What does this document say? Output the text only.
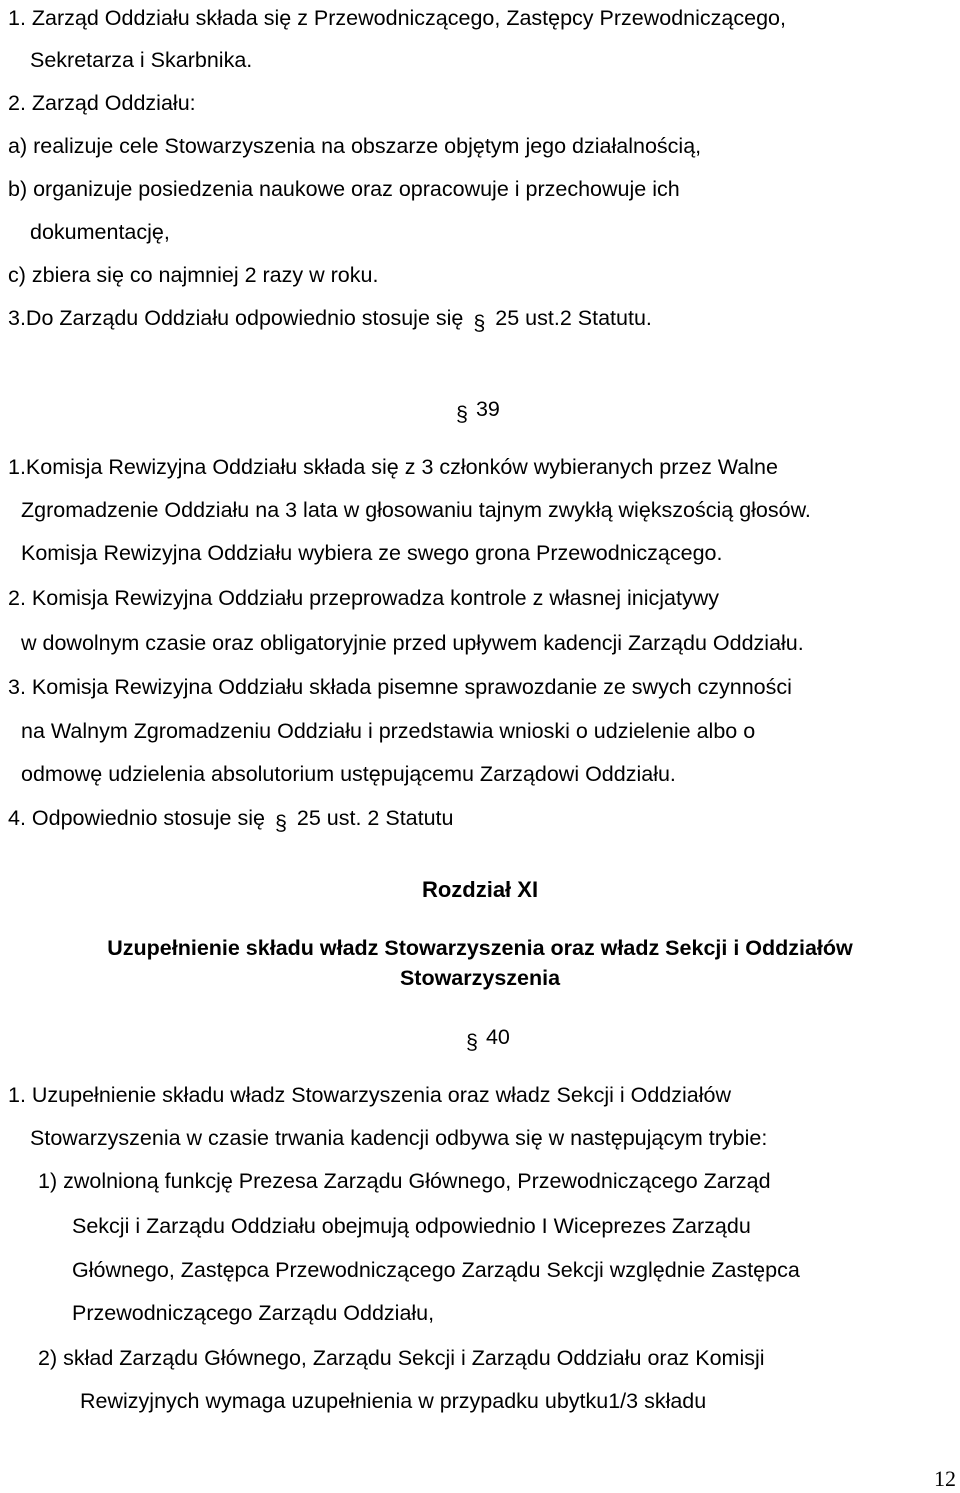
1. Zarząd Oddziału składa się z Przewodniczącego, Zastępcy Przewodniczącego,
Sekretarza i Skarbnika.
2. Zarząd Oddziału:
a) realizuje cele Stowarzyszenia na obszarze objętym jego działalnością,
b) organizuje posiedzenia naukowe oraz opracowuje i przechowuje ich
dokumentację,
c) zbiera się co najmniej 2 razy w roku.
3.Do Zarządu Oddziału odpowiednio stosuje się § 25 ust.2 Statutu.
§ 39
1.Komisja Rewizyjna Oddziału składa się z 3 członków wybieranych przez Walne
Zgromadzenie Oddziału na 3 lata w głosowaniu tajnym zwykłą większością głosów.
Komisja Rewizyjna Oddziału wybiera ze swego grona Przewodniczącego.
2. Komisja Rewizyjna Oddziału przeprowadza kontrole z własnej inicjatywy
w dowolnym czasie oraz obligatoryjnie przed upływem kadencji Zarządu Oddziału.
3. Komisja Rewizyjna Oddziału składa pisemne sprawozdanie ze swych czynności
na Walnym Zgromadzeniu Oddziału i przedstawia wnioski o udzielenie albo o
odmowę udzielenia absolutorium ustępującemu Zarządowi Oddziału.
4. Odpowiednio stosuje się § 25 ust. 2 Statutu
Rozdział XI
Uzupełnienie składu władz Stowarzyszenia oraz władz Sekcji i Oddziałów
Stowarzyszenia
§ 40
1. Uzupełnienie składu władz Stowarzyszenia oraz władz Sekcji i Oddziałów
Stowarzyszenia w czasie trwania kadencji odbywa się w następującym trybie:
1) zwolnioną funkcję Prezesa Zarządu Głównego, Przewodniczącego Zarząd
Sekcji i Zarządu Oddziału obejmują odpowiednio I Wiceprezes Zarządu
Głównego, Zastępca Przewodniczącego Zarządu Sekcji względnie Zastępca
Przewodniczącego Zarządu Oddziału,
2) skład Zarządu Głównego, Zarządu Sekcji i Zarządu Oddziału oraz Komisji
Rewizyjnych wymaga uzupełnienia w przypadku ubytku1/3 składu
12
